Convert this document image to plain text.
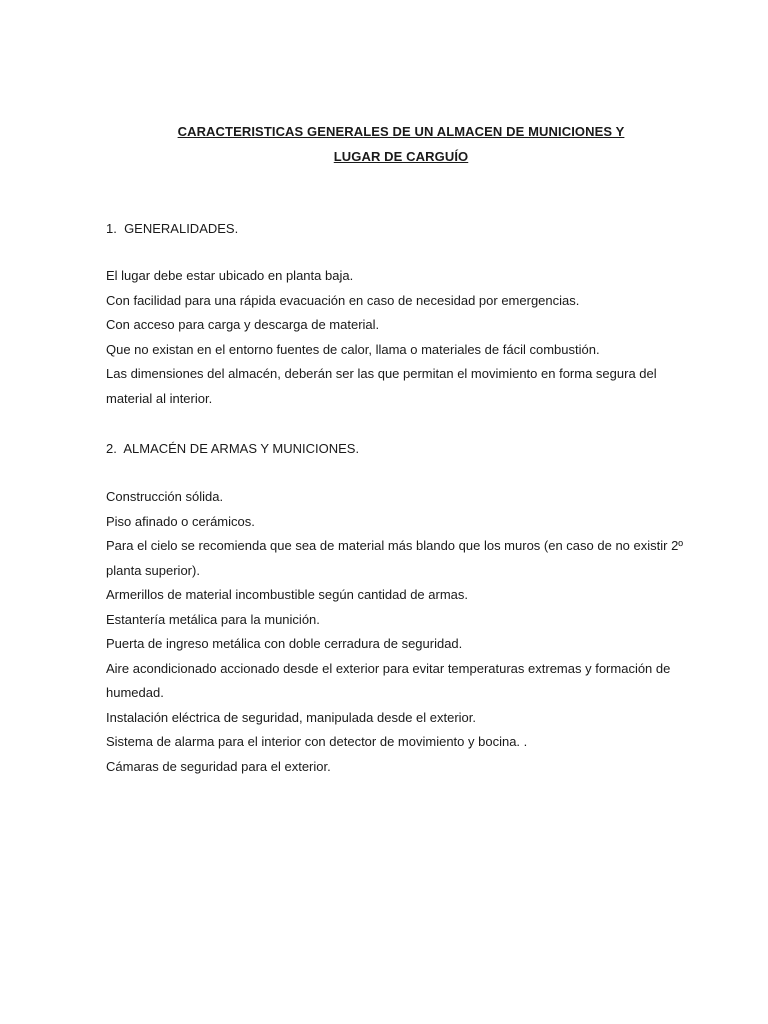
CARACTERISTICAS GENERALES DE UN ALMACEN DE MUNICIONES Y
LUGAR DE CARGUÍO
1.  GENERALIDADES.

El lugar debe estar ubicado en planta baja.

Con facilidad para una rápida evacuación en caso de necesidad por emergencias.

Con acceso para carga y descarga de material.

Que no existan en el entorno fuentes de calor, llama o materiales de fácil combustión.

Las dimensiones del almacén, deberán ser las que permitan el movimiento en forma segura del material al interior.

2.  ALMACÉN DE ARMAS Y MUNICIONES.

Construcción sólida.

Piso afinado o cerámicos.

Para el cielo se recomienda que sea de material más blando que los muros (en caso de no existir 2º planta superior).

Armerillos de material incombustible según cantidad de armas.

Estantería metálica para la munición.

Puerta de ingreso metálica con doble cerradura de seguridad.

Aire acondicionado accionado desde el exterior para evitar temperaturas extremas y formación de humedad.

Instalación eléctrica de seguridad, manipulada desde el exterior.

Sistema de alarma para el interior con detector de movimiento y bocina. .

Cámaras de seguridad para el exterior.
